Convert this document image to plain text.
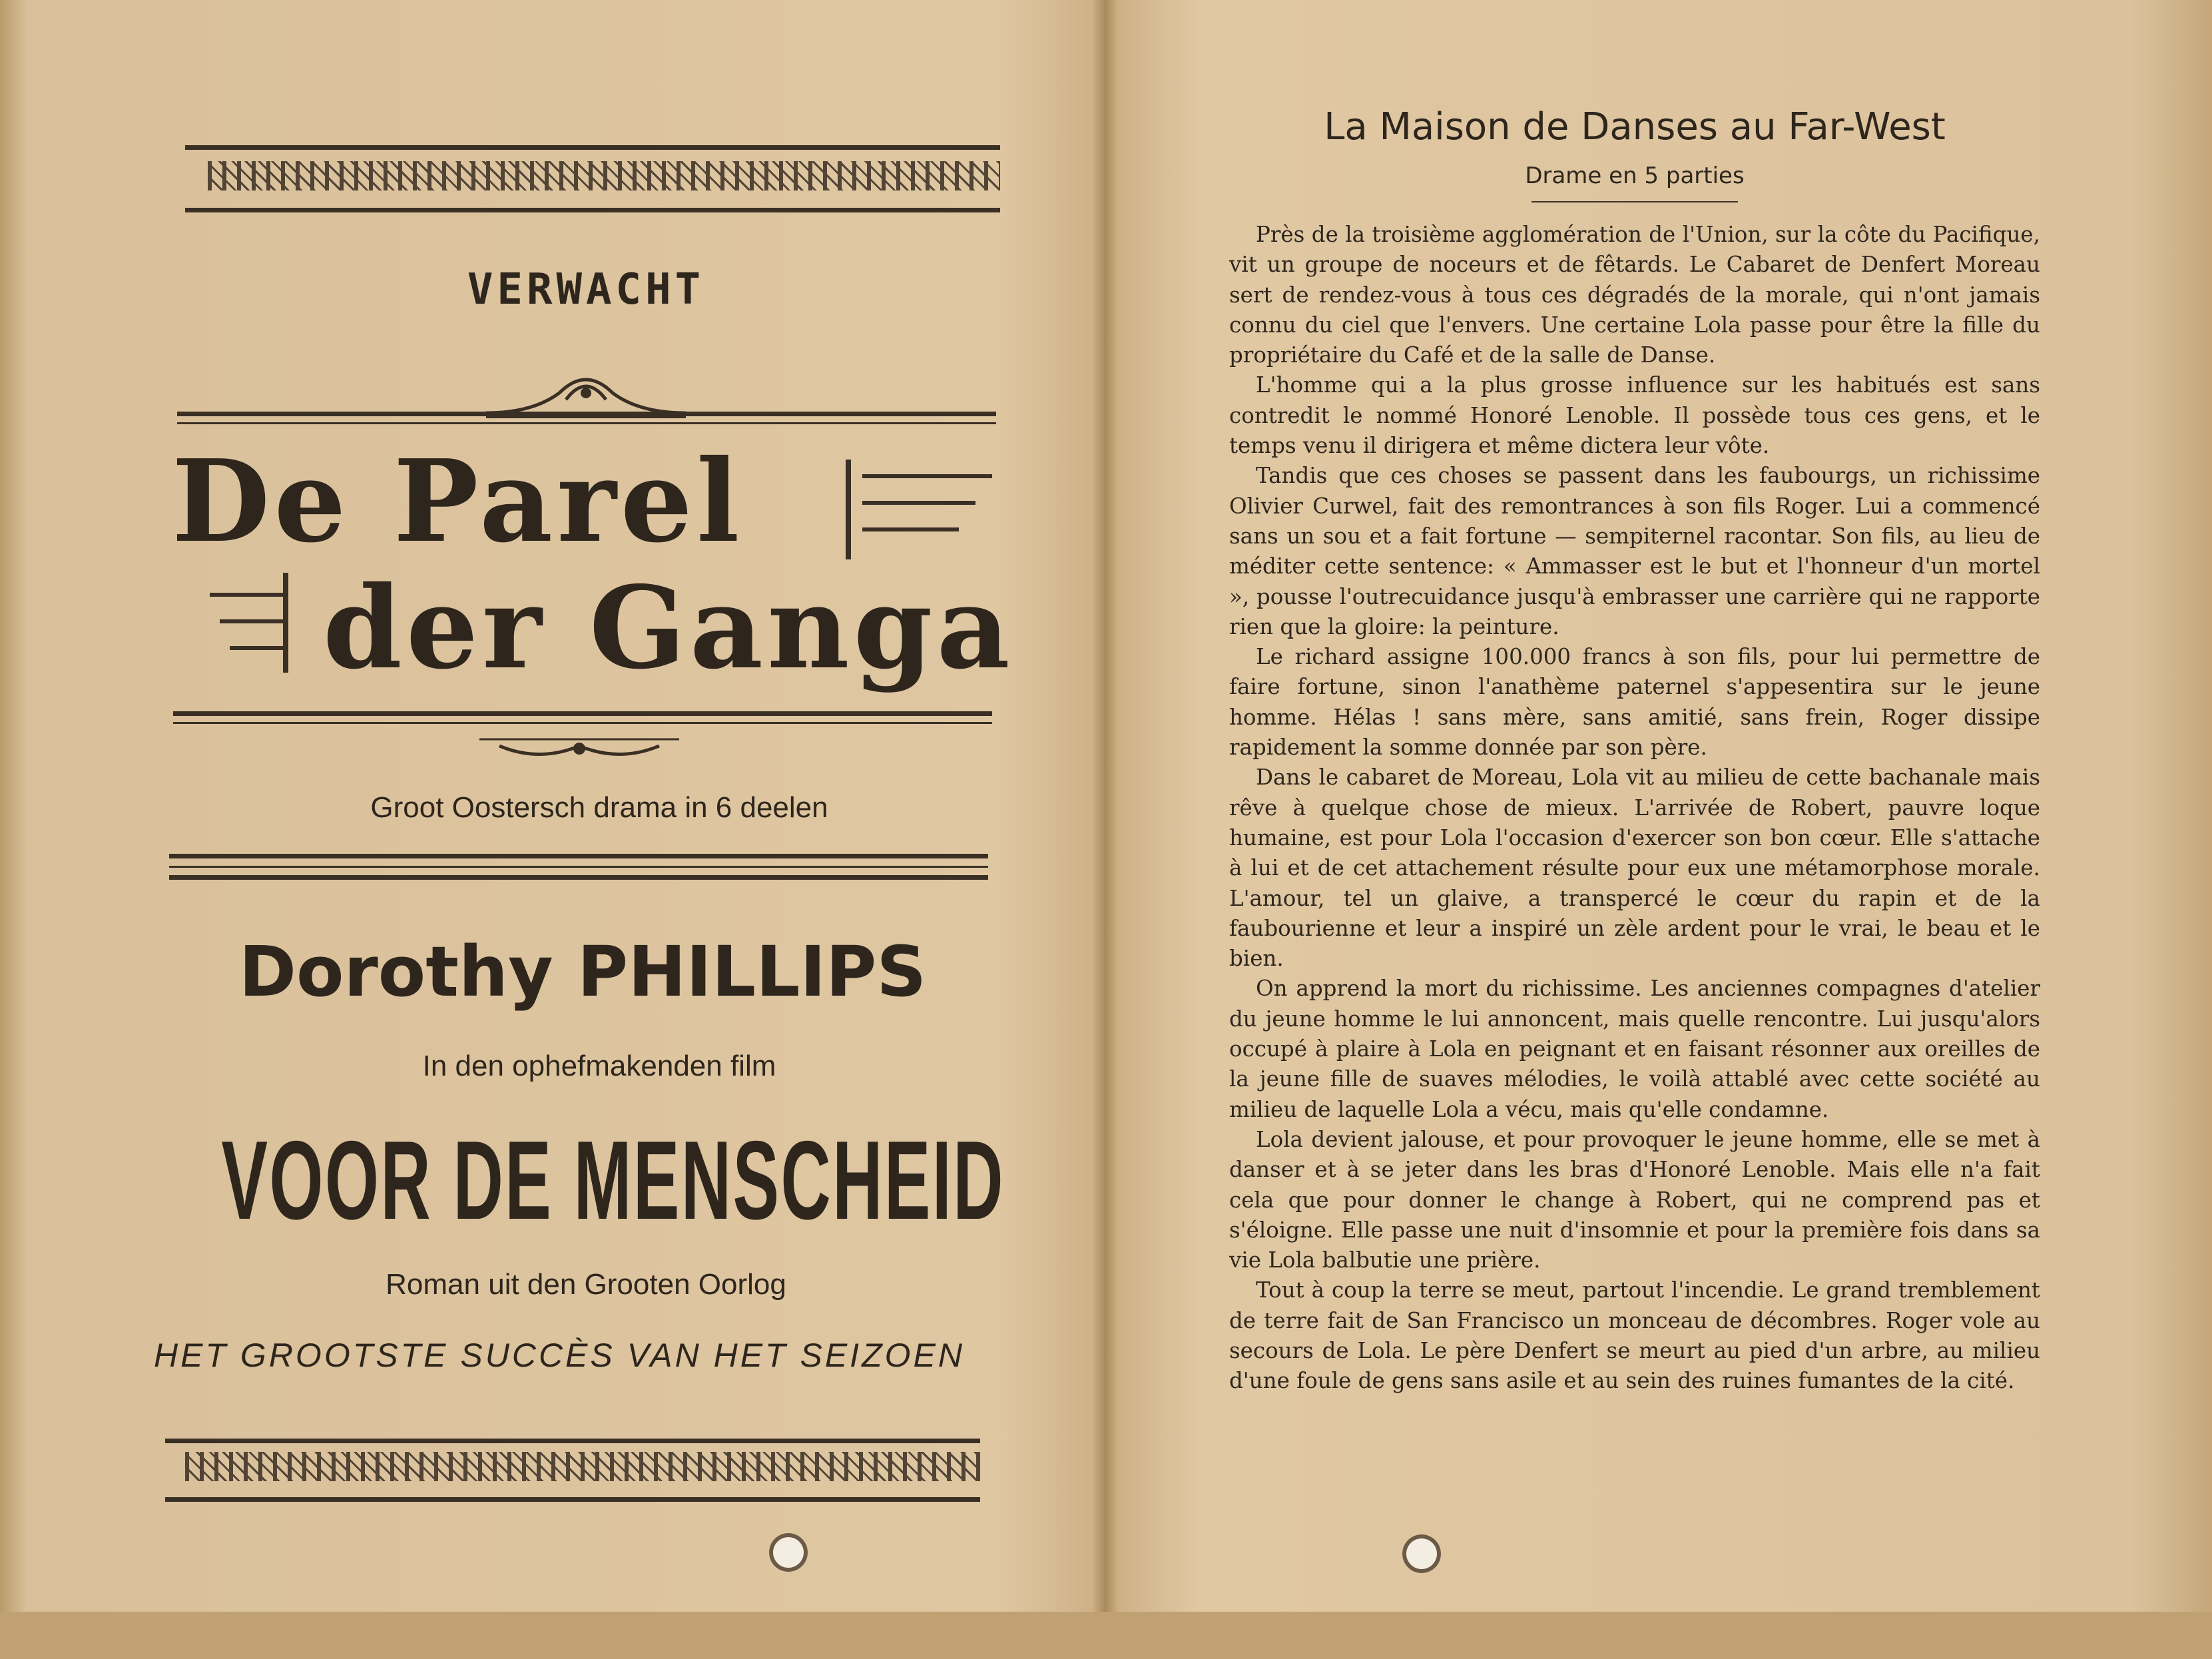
VERWACHT
De Parel
der Ganga
Groot Oostersch drama in 6 deelen
Dorothy PHILLIPS
In den ophefmakenden film
VOOR DE MENSCHEID
Roman uit den Grooten Oorlog
HET GROOTSTE SUCCÈS VAN HET SEIZOEN
La Maison de Danses au Far-West
Drame en 5 parties

Près de la troisième agglomération de l'Union, sur la côte du Pacifique, vit un groupe de noceurs et de fêtards. Le Cabaret de Denfert Moreau sert de rendez-vous à tous ces dégradés de la morale, qui n'ont jamais connu du ciel que l'envers. Une certaine Lola passe pour être la fille du propriétaire du Café et de la salle de Danse.

L'homme qui a la plus grosse influence sur les habitués est sans contredit le nommé Honoré Lenoble. Il possède tous ces gens, et le temps venu il dirigera et même dictera leur vôte.

Tandis que ces choses se passent dans les faubourgs, un richissime Olivier Curwel, fait des remontrances à son fils Roger. Lui a commencé sans un sou et a fait fortune — sempiternel racontar. Son fils, au lieu de méditer cette sentence: « Ammasser est le but et l'honneur d'un mortel », pousse l'outrecuidance jusqu'à embrasser une carrière qui ne rapporte rien que la gloire: la peinture.

Le richard assigne 100.000 francs à son fils, pour lui permettre de faire fortune, sinon l'anathème paternel s'appesentira sur le jeune homme. Hélas ! sans mère, sans amitié, sans frein, Roger dissipe rapidement la somme donnée par son père.

Dans le cabaret de Moreau, Lola vit au milieu de cette bachanale mais rêve à quelque chose de mieux. L'arrivée de Robert, pauvre loque humaine, est pour Lola l'occasion d'exercer son bon cœur. Elle s'attache à lui et de cet attachement résulte pour eux une métamorphose morale. L'amour, tel un glaive, a transpercé le cœur du rapin et de la faubourienne et leur a inspiré un zèle ardent pour le vrai, le beau et le bien.

On apprend la mort du richissime. Les anciennes compagnes d'atelier du jeune homme le lui annoncent, mais quelle rencontre. Lui jusqu'alors occupé à plaire à Lola en peignant et en faisant résonner aux oreilles de la jeune fille de suaves mélodies, le voilà attablé avec cette société au milieu de laquelle Lola a vécu, mais qu'elle condamne.

Lola devient jalouse, et pour provoquer le jeune homme, elle se met à danser et à se jeter dans les bras d'Honoré Lenoble. Mais elle n'a fait cela que pour donner le change à Robert, qui ne comprend pas et s'éloigne. Elle passe une nuit d'insomnie et pour la première fois dans sa vie Lola balbutie une prière.

Tout à coup la terre se meut, partout l'incendie. Le grand tremblement de terre fait de San Francisco un monceau de décombres. Roger vole au secours de Lola. Le père Denfert se meurt au pied d'un arbre, au milieu d'une foule de gens sans asile et au sein des ruines fumantes de la cité.
